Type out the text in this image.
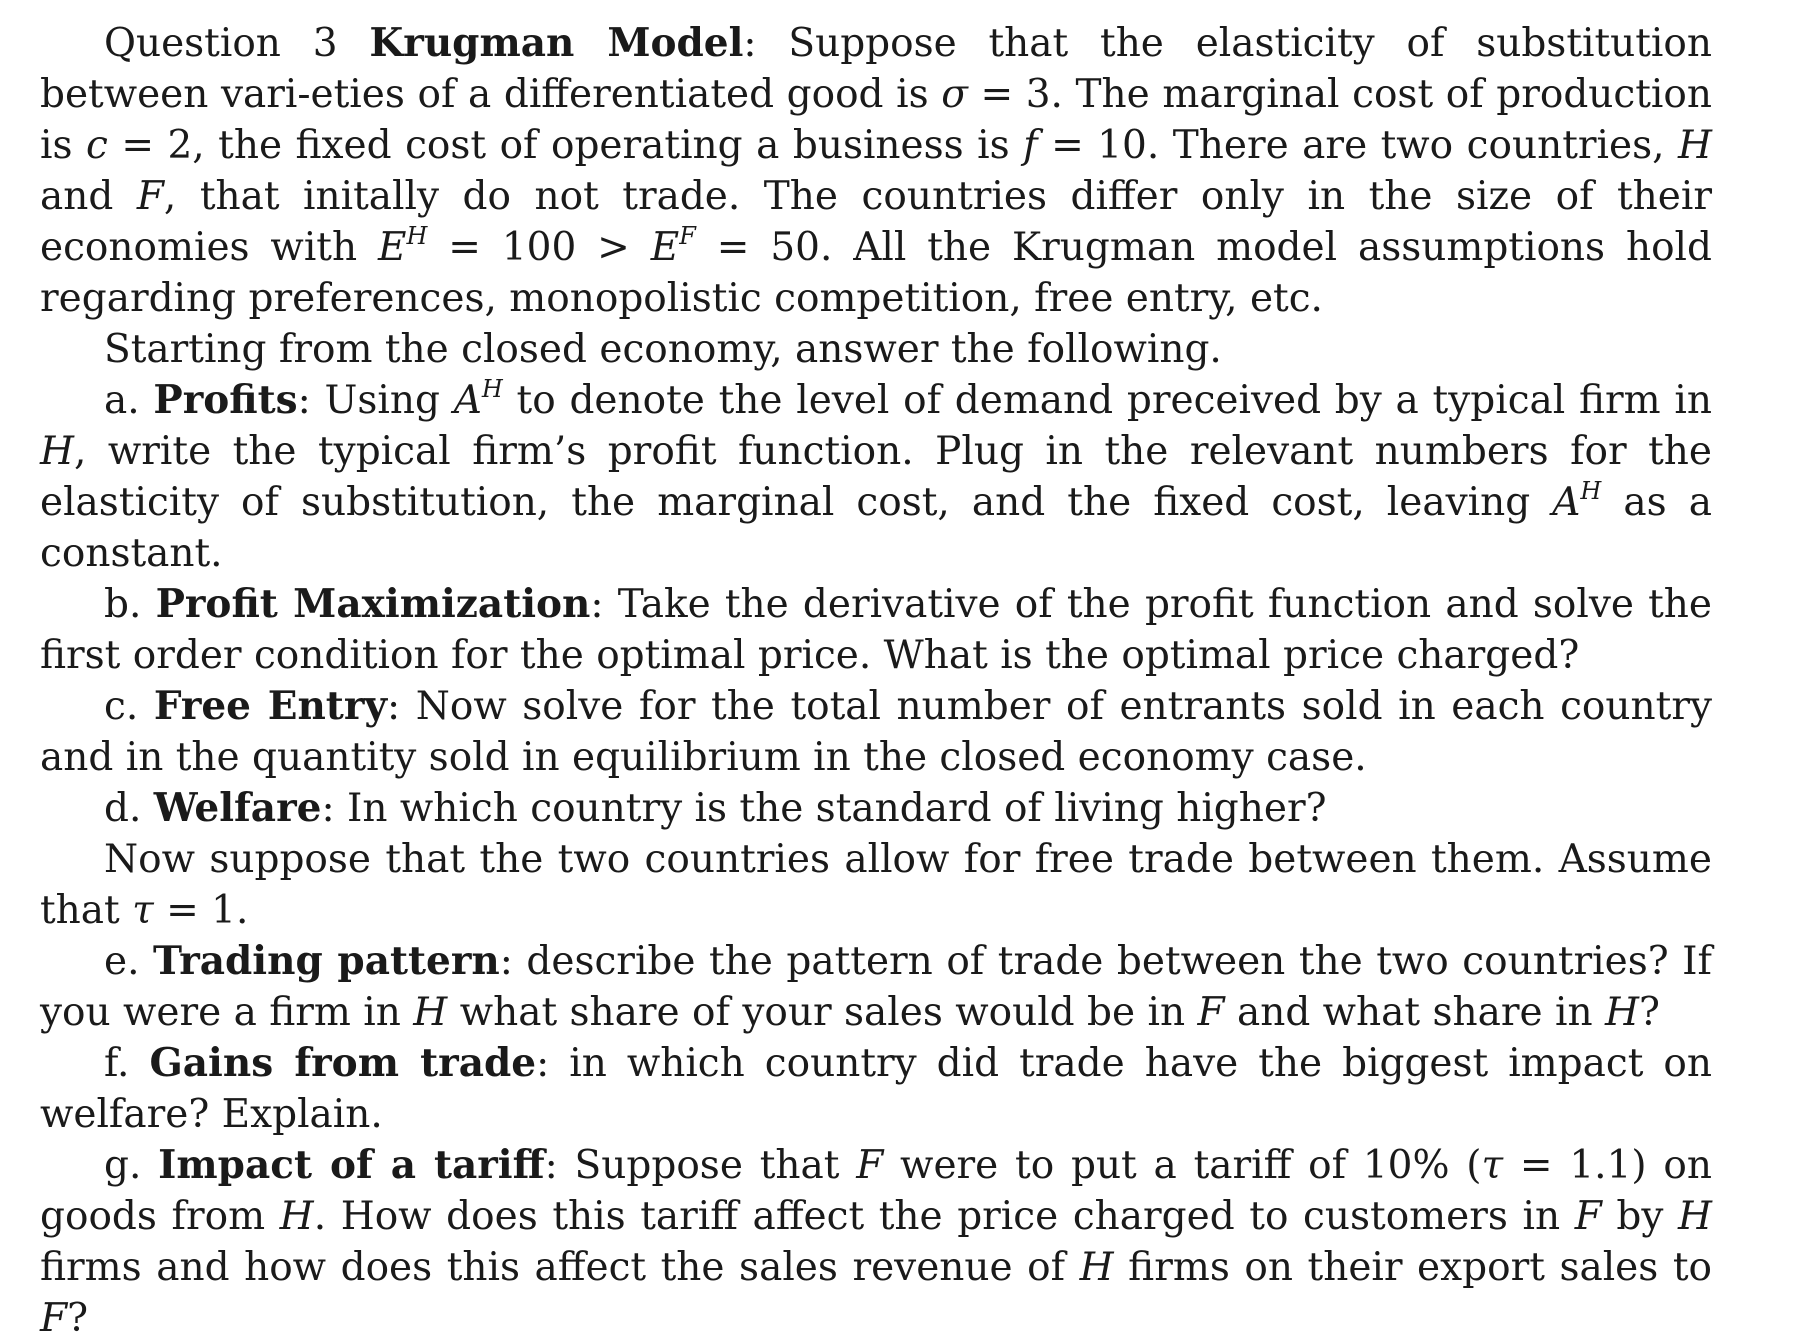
Question 3 Krugman Model: Suppose that the elasticity of substitution between vari-eties of a differentiated good is σ = 3. The marginal cost of production is c = 2, the fixed cost of operating a business is f = 10. There are two countries, H and F, that initally do not trade. The countries differ only in the size of their economies with $E^H = 100 > E^F = 50$. All the Krugman model assumptions hold regarding preferences, monopolistic competition, free entry, etc.

Starting from the closed economy, answer the following.

a. Profits: Using $A^H$ to denote the level of demand preceived by a typical firm in H, write the typical firm’s profit function. Plug in the relevant numbers for the elasticity of substitution, the marginal cost, and the fixed cost, leaving $A^H$ as a constant.

b. Profit Maximization: Take the derivative of the profit function and solve the first order condition for the optimal price. What is the optimal price charged?

c. Free Entry: Now solve for the total number of entrants sold in each country and in the quantity sold in equilibrium in the closed economy case.

d. Welfare: In which country is the standard of living higher?

Now suppose that the two countries allow for free trade between them. Assume that τ = 1.

e. Trading pattern: describe the pattern of trade between the two countries? If you were a firm in H what share of your sales would be in F and what share in H?

f. Gains from trade: in which country did trade have the biggest impact on welfare? Explain.

g. Impact of a tariff: Suppose that F were to put a tariff of 10% (τ = 1.1) on goods from H. How does this tariff affect the price charged to customers in F by H firms and how does this affect the sales revenue of H firms on their export sales to F?
